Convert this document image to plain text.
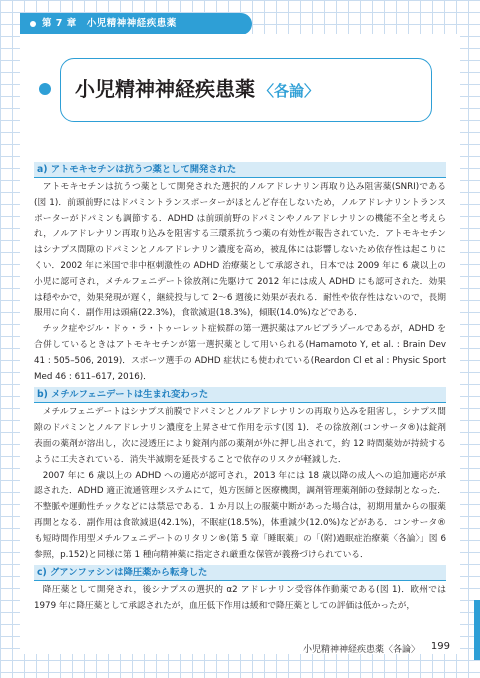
第 7 章　小児精神神経疾患薬
小児精神神経疾患薬 〈各論〉
a) アトモキセチンは抗うつ薬として開発された

アトモキセチンは抗うつ薬として開発された選択的ノルアドレナリン再取り込み阻害薬(SNRI)である(図 1)．前頭前野にはドパミントランスポーターがほとんど存在しないため，ノルアドレナリントランスポーターがドパミンも調節する．ADHD は前頭前野のドパミンやノルアドレナリンの機能不全と考えられ，ノルアドレナリン再取り込みを阻害する三環系抗うつ薬の有効性が報告されていた．アトモキセチンはシナプス間隙のドパミンとノルアドレナリン濃度を高め，被乱体には影響しないため依存性は起こりにくい．2002 年に米国で非中枢刺激性の ADHD 治療薬として承認され，日本では 2009 年に 6 歳以上の小児に認可され，メチルフェニデート徐放剤に先駆けて 2012 年には成人 ADHD にも認可された．効果は穏やかで，効果発現が遅く，継続投与して 2〜6 週後に効果が表れる．耐性や依存性はないので，長期服用に向く．副作用は頭痛(22.3%)，食欲減退(18.3%)，傾眠(14.0%)などである．

チック症やジル・ドゥ・ラ・トゥーレット症候群の第一選択薬はアルピプラゾールであるが，ADHD を合併しているときはアトモキセチンが第一選択薬として用いられる(Hamamoto Y, et al. : Brain Dev 41 : 505–506, 2019)．スポーツ選手の ADHD 症状にも使われている(Reardon Cl et al : Physic Sport Med 46 : 611–617, 2016)．

b) メチルフェニデートは生まれ変わった

メチルフェニデートはシナプス前膜でドパミンとノルアドレナリンの再取り込みを阻害し，シナプス間隙のドパミンとノルアドレナリン濃度を上昇させて作用を示す(図 1)．その徐放剤(コンサータ®)は錠剤表面の薬剤が溶出し，次に浸透圧により錠剤内部の薬剤が外に押し出されて，約 12 時間薬効が持続するように工夫されている．消失半減期を延長することで依存のリスクが軽減した．

2007 年に 6 歳以上の ADHD への適応が認可され，2013 年には 18 歳以降の成人への追加適応が承認された．ADHD 適正流通管理システムにて，処方医師と医療機関，調剤管理薬剤師の登録制となった．不整脈や運動性チックなどには禁忌である．1 か月以上の服薬中断があった場合は，初期用量からの服薬再開となる．副作用は食欲減退(42.1%)，不眠症(18.5%)，体重減少(12.0%)などがある．コンサータ®も短時間作用型メチルフェニデートのリタリン®(第 5 章「睡眠薬」の「(附)過眠症治療薬〈各論〉」図 6 参照，p.152)と同様に第 1 種向精神薬に指定され厳重な保管が義務づけられている．

c) グアンファシンは降圧薬から転身した

降圧薬として開発され，後シナプスの選択的 α2 アドレナリン受容体作動薬である(図 1)．欧州では 1979 年に降圧薬として承認されたが，血圧低下作用は緩和で降圧薬としての評価は低かったが，

小児精神神経疾患薬〈各論〉 199
